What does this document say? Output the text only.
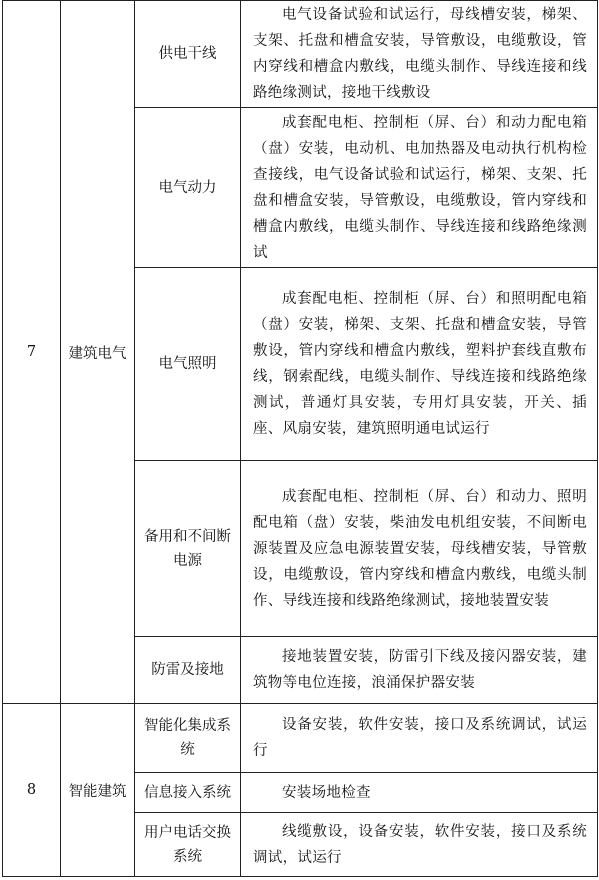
7	建筑电气	供电干线	电气设备试验和试运行，母线槽安装，梯架、支架、托盘和槽盒安装，导管敷设，电缆敷设，管内穿线和槽盒内敷线，电缆头制作、导线连接和线路绝缘测试，接地干线敷设

		电气动力	成套配电柜、控制柜（屏、台）和动力配电箱（盘）安装，电动机、电加热器及电动执行机构检查接线，电气设备试验和试运行，梯架、支架、托盘和槽盒安装，导管敷设，电缆敷设，管内穿线和槽盒内敷线，电缆头制作、导线连接和线路绝缘测试

		电气照明	成套配电柜、控制柜（屏、台）和照明配电箱（盘）安装，梯架、支架、托盘和槽盒安装，导管敷设，管内穿线和槽盒内敷线，塑料护套线直敷布线，钢索配线，电缆头制作、导线连接和线路绝缘测试，普通灯具安装，专用灯具安装，开关、插座、风扇安装，建筑照明通电试运行

		备用和不间断电源	成套配电柜、控制柜（屏、台）和动力、照明配电箱（盘）安装，柴油发电机组安装，不间断电源装置及应急电源装置安装，母线槽安装，导管敷设，电缆敷设，管内穿线和槽盒内敷线，电缆头制作、导线连接和线路绝缘测试，接地装置安装

		防雷及接地	接地装置安装，防雷引下线及接闪器安装，建筑物等电位连接，浪涌保护器安装

8	智能建筑	智能化集成系统	设备安装，软件安装，接口及系统调试，试运行

		信息接入系统	安装场地检查

		用户电话交换系统	线缆敷设，设备安装，软件安装，接口及系统调试，试运行
